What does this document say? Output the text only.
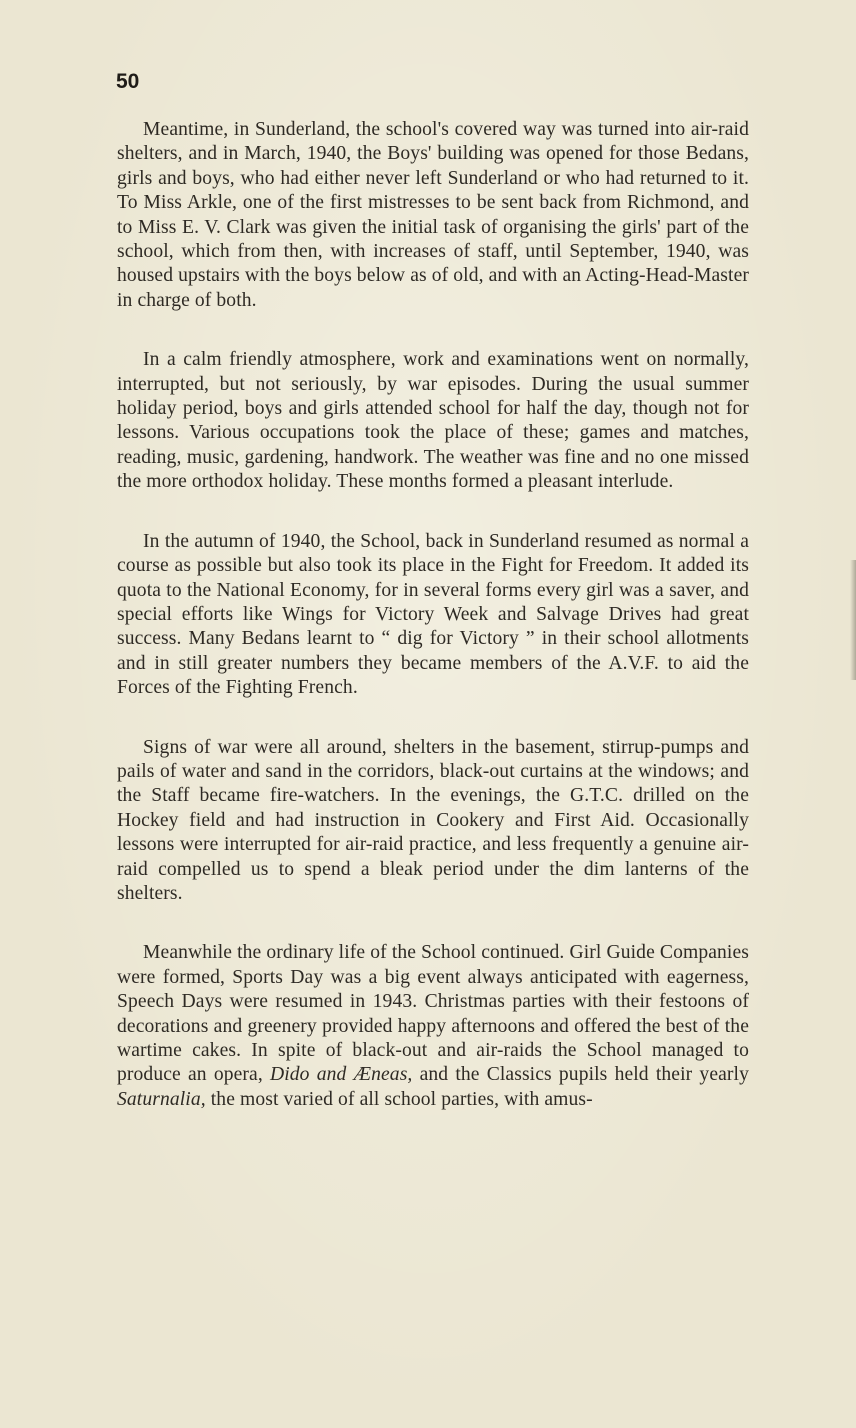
50

Meantime, in Sunderland, the school's covered way was turned into air-raid shelters, and in March, 1940, the Boys' building was opened for those Bedans, girls and boys, who had either never left Sunderland or who had returned to it. To Miss Arkle, one of the first mistresses to be sent back from Richmond, and to Miss E. V. Clark was given the initial task of organising the girls' part of the school, which from then, with increases of staff, until September, 1940, was housed upstairs with the boys below as of old, and with an Acting-Head-Master in charge of both.

In a calm friendly atmosphere, work and examinations went on normally, interrupted, but not seriously, by war episodes. During the usual summer holiday period, boys and girls attended school for half the day, though not for lessons. Various occupations took the place of these; games and matches, reading, music, gardening, handwork. The weather was fine and no one missed the more orthodox holiday. These months formed a pleasant interlude.

In the autumn of 1940, the School, back in Sunderland resumed as normal a course as possible but also took its place in the Fight for Freedom. It added its quota to the National Economy, for in several forms every girl was a saver, and special efforts like Wings for Victory Week and Salvage Drives had great success. Many Bedans learnt to “ dig for Victory ” in their school allotments and in still greater numbers they became members of the A.V.F. to aid the Forces of the Fighting French.

Signs of war were all around, shelters in the basement, stirrup-pumps and pails of water and sand in the corridors, black-out curtains at the windows; and the Staff became fire-watchers. In the evenings, the G.T.C. drilled on the Hockey field and had instruction in Cookery and First Aid. Occasionally lessons were interrupted for air-raid practice, and less frequently a genuine air-raid compelled us to spend a bleak period under the dim lanterns of the shelters.

Meanwhile the ordinary life of the School continued. Girl Guide Companies were formed, Sports Day was a big event always anticipated with eagerness, Speech Days were resumed in 1943. Christmas parties with their festoons of decorations and greenery provided happy afternoons and offered the best of the wartime cakes. In spite of black-out and air-raids the School managed to produce an opera, Dido and Æneas, and the Classics pupils held their yearly Saturnalia, the most varied of all school parties, with amus-
